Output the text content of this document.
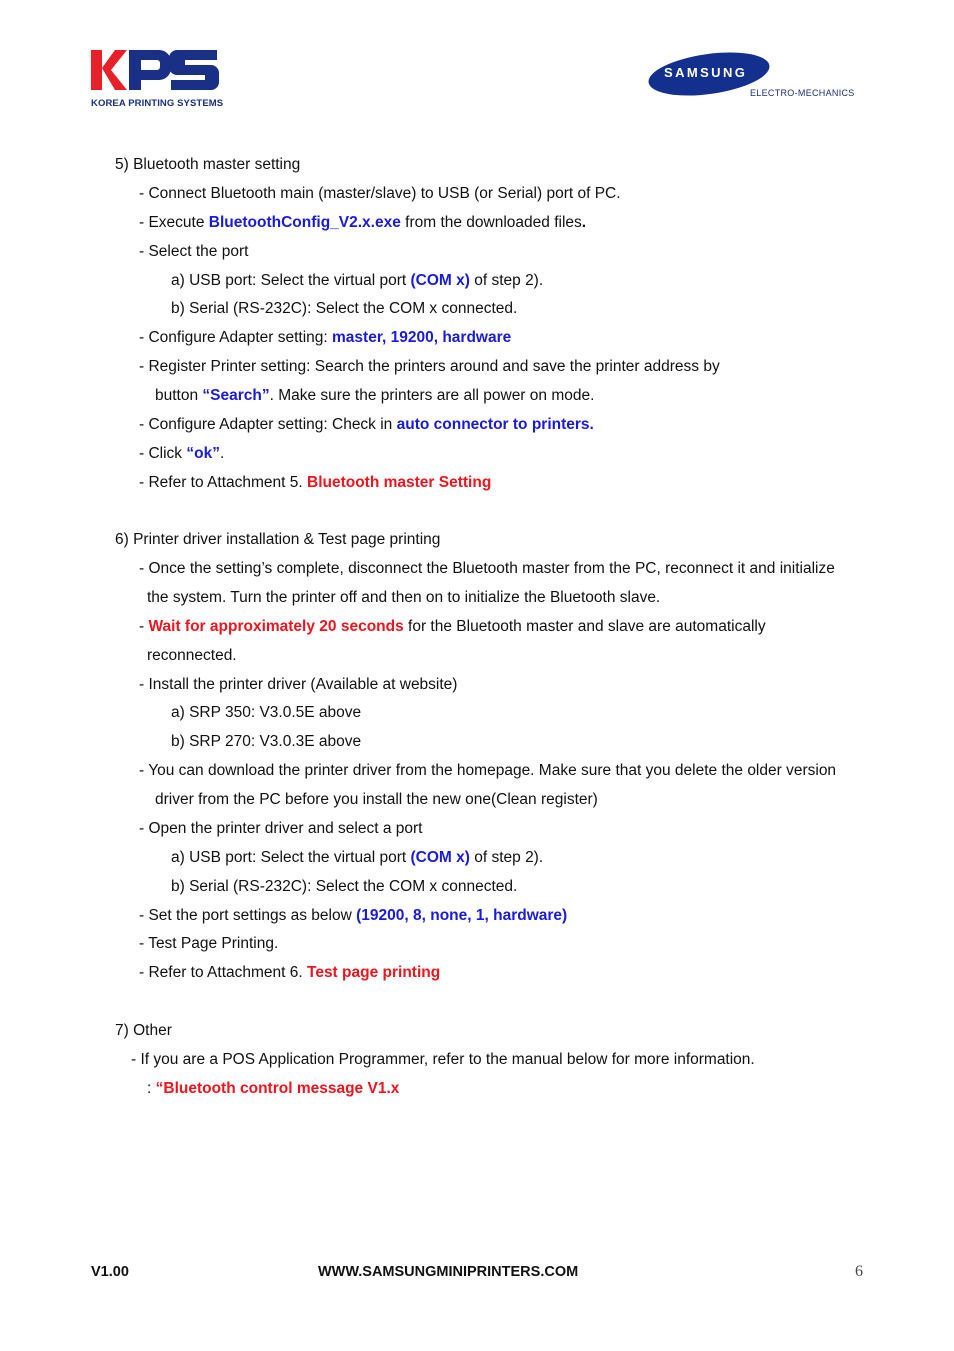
KOREA PRINTING SYSTEMS
SAMSUNG
ELECTRO-MECHANICS
5) Bluetooth master setting
- Connect Bluetooth main (master/slave) to USB (or Serial) port of PC.
- Execute BluetoothConfig_V2.x.exe from the downloaded files.
- Select the port
a) USB port: Select the virtual port (COM x) of step 2).
b) Serial (RS-232C): Select the COM x connected.
- Configure Adapter setting: master, 19200, hardware
- Register Printer setting: Search the printers around and save the printer address by
button “Search”. Make sure the printers are all power on mode.
- Configure Adapter setting: Check in auto connector to printers.
- Click “ok”.
- Refer to Attachment 5. Bluetooth master Setting
6) Printer driver installation & Test page printing
- Once the setting’s complete, disconnect the Bluetooth master from the PC, reconnect it and initialize
the system. Turn the printer off and then on to initialize the Bluetooth slave.
- Wait for approximately 20 seconds for the Bluetooth master and slave are automatically
reconnected.
- Install the printer driver (Available at website)
a) SRP 350: V3.0.5E above
b) SRP 270: V3.0.3E above
- You can download the printer driver from the homepage. Make sure that you delete the older version
driver from the PC before you install the new one(Clean register)
- Open the printer driver and select a port
a) USB port: Select the virtual port (COM x) of step 2).
b) Serial (RS-232C): Select the COM x connected.
- Set the port settings as below (19200, 8, none, 1, hardware)
- Test Page Printing.
- Refer to Attachment 6. Test page printing
7) Other
- If you are a POS Application Programmer, refer to the manual below for more information.
: “Bluetooth control message V1.x
V1.00	WWW.SAMSUNGMINIPRINTERS.COM	6
